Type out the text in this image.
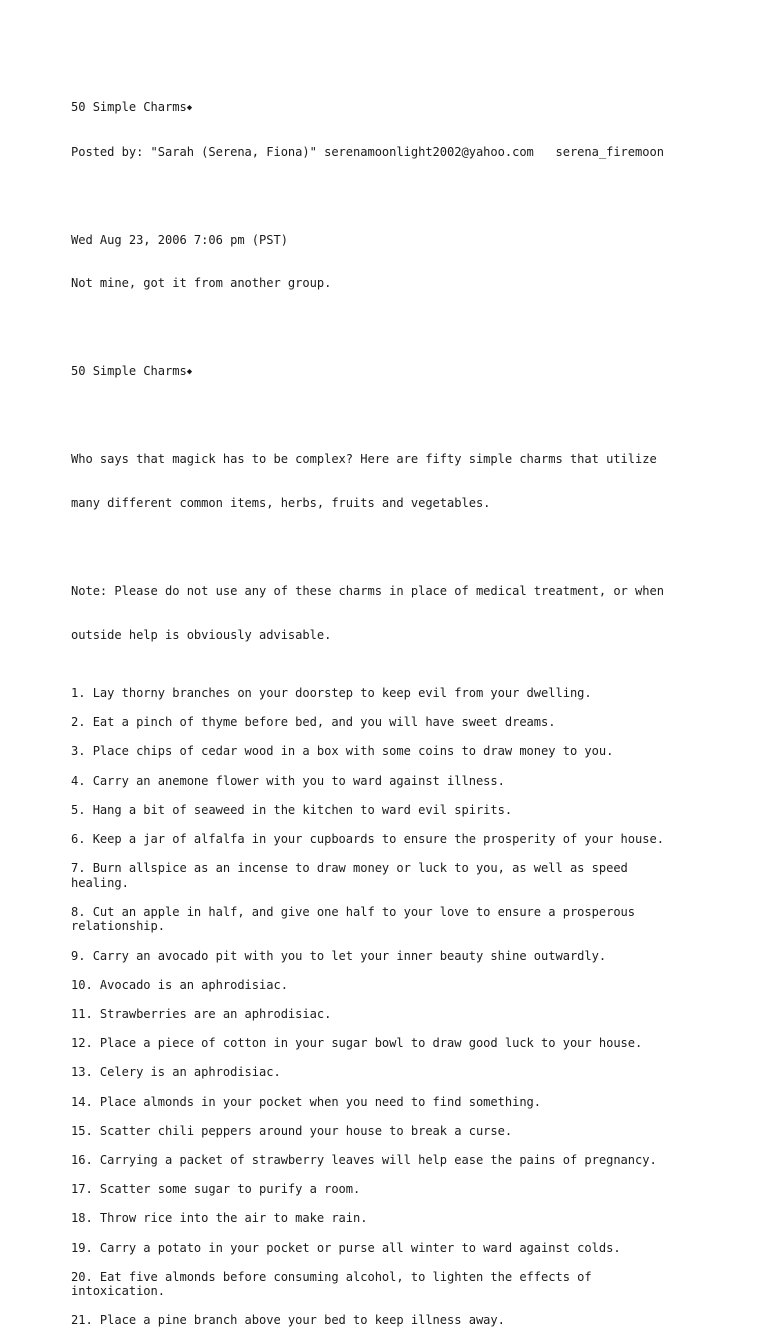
50 Simple Charms◆

Posted by: "Sarah (Serena, Fiona)" serenamoonlight2002@yahoo.com   serena_firemoon

Wed Aug 23, 2006 7:06 pm (PST)

Not mine, got it from another group.

50 Simple Charms◆

Who says that magick has to be complex? Here are fifty simple charms that utilize

many different common items, herbs, fruits and vegetables.

Note: Please do not use any of these charms in place of medical treatment, or when

outside help is obviously advisable.

1. Lay thorny branches on your doorstep to keep evil from your dwelling.
2. Eat a pinch of thyme before bed, and you will have sweet dreams.
3. Place chips of cedar wood in a box with some coins to draw money to you.
4. Carry an anemone flower with you to ward against illness.
5. Hang a bit of seaweed in the kitchen to ward evil spirits.
6. Keep a jar of alfalfa in your cupboards to ensure the prosperity of your house.
7. Burn allspice as an incense to draw money or luck to you, as well as speed
healing.
8. Cut an apple in half, and give one half to your love to ensure a prosperous
relationship.
9. Carry an avocado pit with you to let your inner beauty shine outwardly.
10. Avocado is an aphrodisiac.
11. Strawberries are an aphrodisiac.
12. Place a piece of cotton in your sugar bowl to draw good luck to your house.
13. Celery is an aphrodisiac.
14. Place almonds in your pocket when you need to find something.
15. Scatter chili peppers around your house to break a curse.
16. Carrying a packet of strawberry leaves will help ease the pains of pregnancy.
17. Scatter some sugar to purify a room.
18. Throw rice into the air to make rain.
19. Carry a potato in your pocket or purse all winter to ward against colds.
20. Eat five almonds before consuming alcohol, to lighten the effects of
intoxication.
21. Place a pine branch above your bed to keep illness away.
